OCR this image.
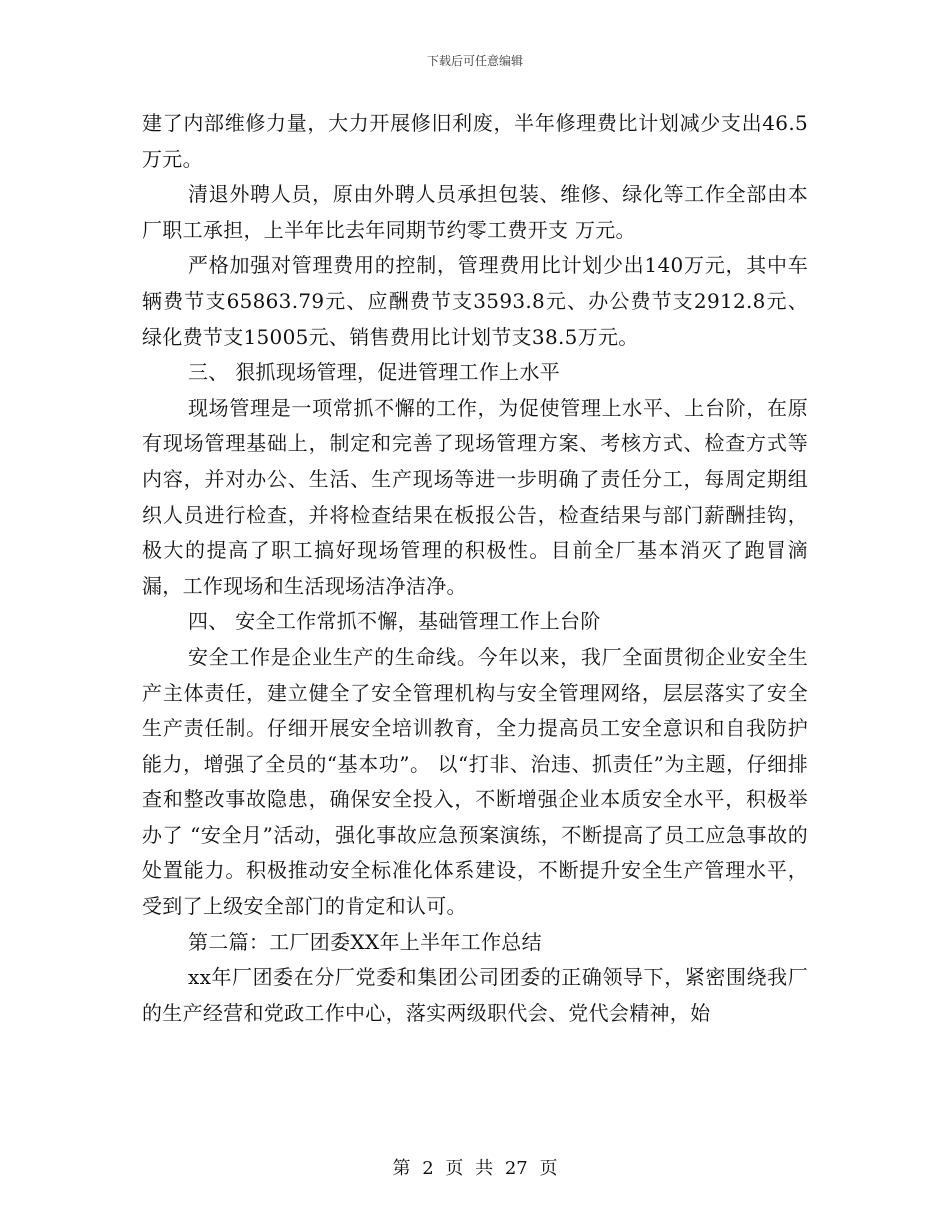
下载后可任意编辑

建了内部维修力量，大力开展修旧利废，半年修理费比计划减少支出46.5万元。

清退外聘人员，原由外聘人员承担包装、维修、绿化等工作全部由本厂职工承担，上半年比去年同期节约零工费开支 万元。

严格加强对管理费用的控制，管理费用比计划少出140万元，其中车辆费节支65863.79元、应酬费节支3593.8元、办公费节支2912.8元、绿化费节支15005元、销售费用比计划节支38.5万元。

三、 狠抓现场管理，促进管理工作上水平

现场管理是一项常抓不懈的工作，为促使管理上水平、上台阶，在原有现场管理基础上，制定和完善了现场管理方案、考核方式、检查方式等内容，并对办公、生活、生产现场等进一步明确了责任分工，每周定期组织人员进行检查，并将检查结果在板报公告，检查结果与部门薪酬挂钩，极大的提高了职工搞好现场管理的积极性。目前全厂基本消灭了跑冒滴漏，工作现场和生活现场洁净洁净。

四、 安全工作常抓不懈，基础管理工作上台阶

安全工作是企业生产的生命线。今年以来，我厂全面贯彻企业安全生产主体责任，建立健全了安全管理机构与安全管理网络，层层落实了安全生产责任制。仔细开展安全培训教育，全力提高员工安全意识和自我防护能力，增强了全员的“基本功”。 以“打非、治违、抓责任”为主题，仔细排查和整改事故隐患，确保安全投入，不断增强企业本质安全水平，积极举办了 “安全月”活动，强化事故应急预案演练，不断提高了员工应急事故的处置能力。积极推动安全标准化体系建设，不断提升安全生产管理水平，受到了上级安全部门的肯定和认可。

第二篇：工厂团委XX年上半年工作总结

xx年厂团委在分厂党委和集团公司团委的正确领导下，紧密围绕我厂的生产经营和党政工作中心，落实两级职代会、党代会精神，始

第 2 页 共 27 页
